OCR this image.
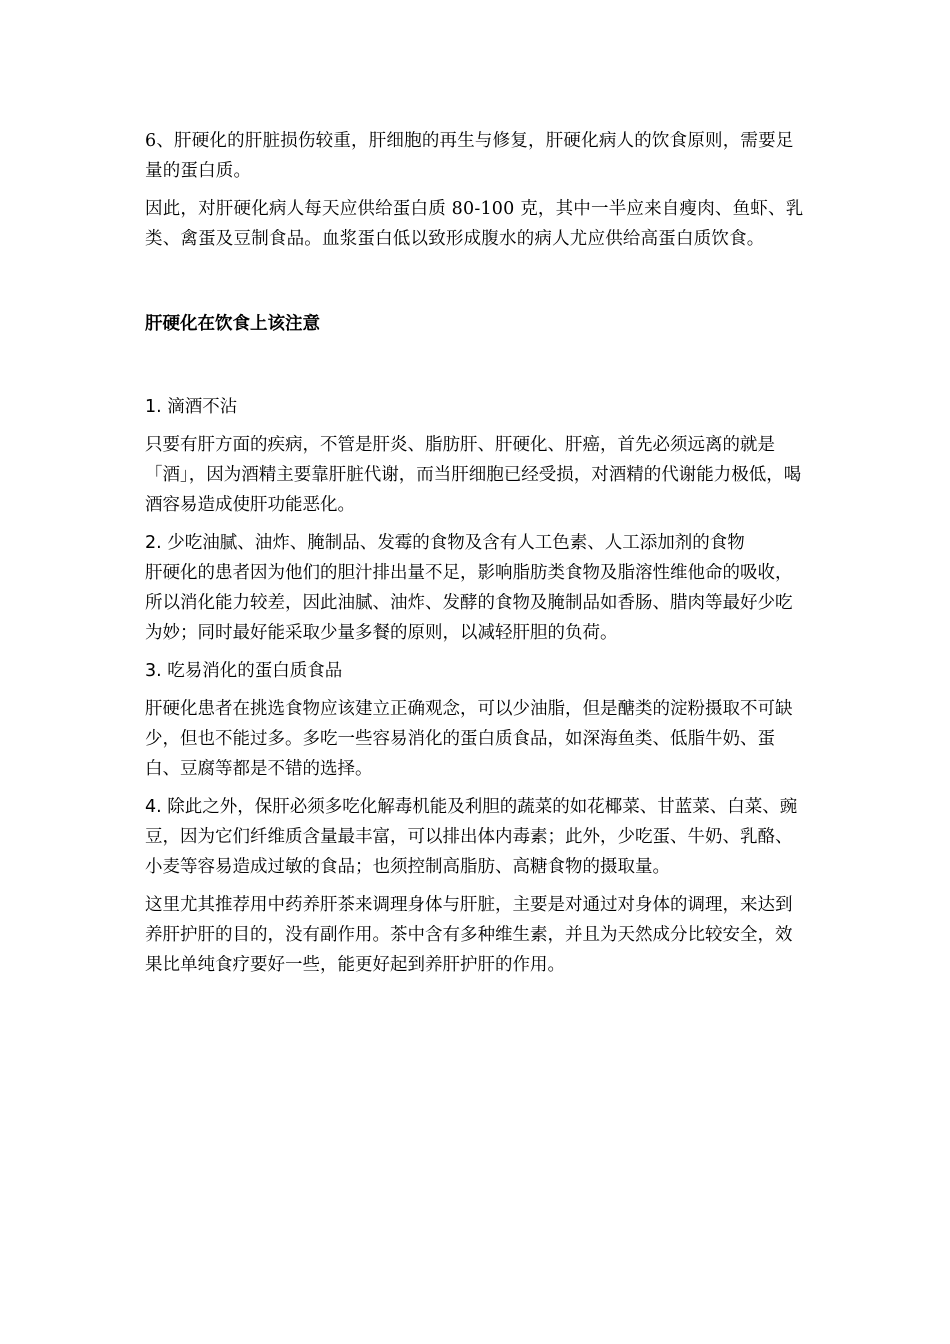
6、肝硬化的肝脏损伤较重，肝细胞的再生与修复，肝硬化病人的饮食原则，需要足量的蛋白质。

因此，对肝硬化病人每天应供给蛋白质 80-100 克，其中一半应来自瘦肉、鱼虾、乳类、禽蛋及豆制食品。血浆蛋白低以致形成腹水的病人尤应供给高蛋白质饮食。

肝硬化在饮食上该注意

1. 滴酒不沾

只要有肝方面的疾病，不管是肝炎、脂肪肝、肝硬化、肝癌，首先必须远离的就是「酒」，因为酒精主要靠肝脏代谢，而当肝细胞已经受损，对酒精的代谢能力极低，喝酒容易造成使肝功能恶化。

2. 少吃油腻、油炸、腌制品、发霉的食物及含有人工色素、人工添加剂的食物
肝硬化的患者因为他们的胆汁排出量不足，影响脂肪类食物及脂溶性维他命的吸收，所以消化能力较差，因此油腻、油炸、发酵的食物及腌制品如香肠、腊肉等最好少吃为妙；同时最好能采取少量多餐的原则，以减轻肝胆的负荷。

3. 吃易消化的蛋白质食品

肝硬化患者在挑选食物应该建立正确观念，可以少油脂，但是醣类的淀粉摄取不可缺少，但也不能过多。多吃一些容易消化的蛋白质食品，如深海鱼类、低脂牛奶、蛋白、豆腐等都是不错的选择。

4. 除此之外，保肝必须多吃化解毒机能及利胆的蔬菜的如花椰菜、甘蓝菜、白菜、豌豆，因为它们纤维质含量最丰富，可以排出体内毒素；此外，少吃蛋、牛奶、乳酪、小麦等容易造成过敏的食品；也须控制高脂肪、高糖食物的摄取量。

这里尤其推荐用中药养肝茶来调理身体与肝脏，主要是对通过对身体的调理，来达到养肝护肝的目的，没有副作用。茶中含有多种维生素，并且为天然成分比较安全，效果比单纯食疗要好一些，能更好起到养肝护肝的作用。
